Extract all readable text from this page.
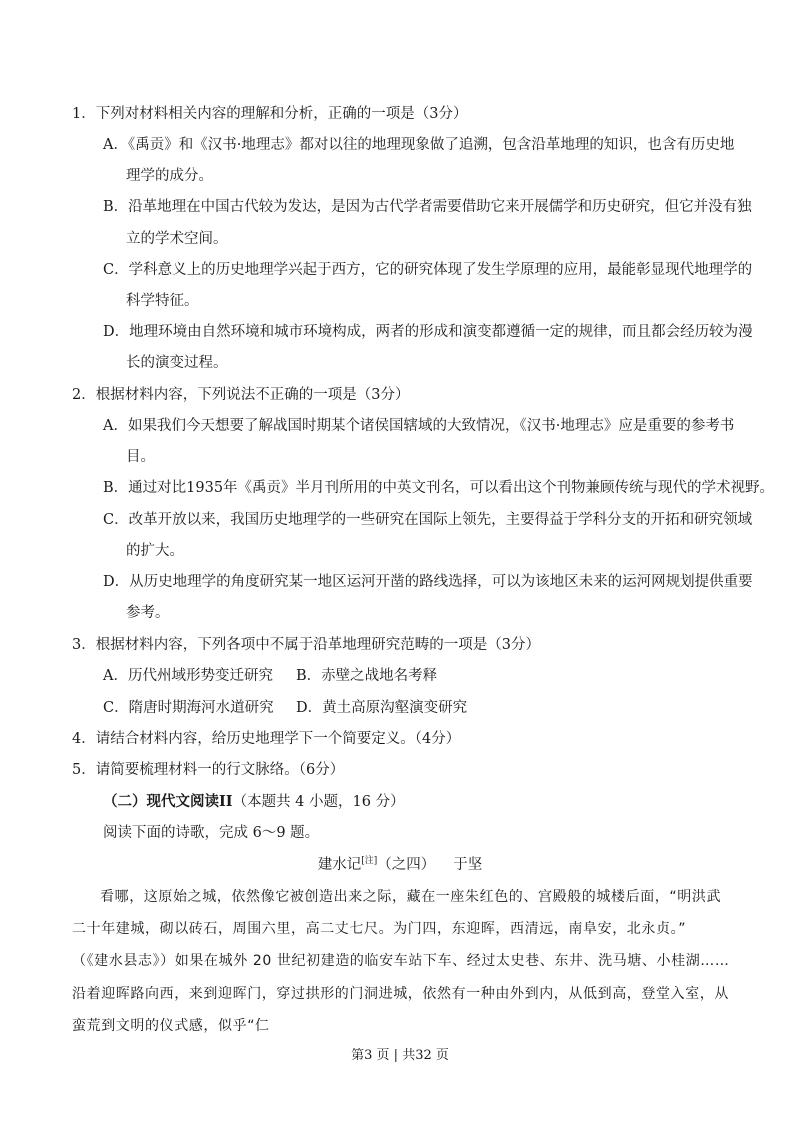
1．下列对材料相关内容的理解和分析，正确的一项是（3分）
A．《禹贡》和《汉书·地理志》都对以往的地理现象做了追溯，包含沿革地理的知识，也含有历史地
理学的成分。
B．沿革地理在中国古代较为发达，是因为古代学者需要借助它来开展儒学和历史研究，但它并没有独
立的学术空间。
C．学科意义上的历史地理学兴起于西方，它的研究体现了发生学原理的应用，最能彰显现代地理学的
科学特征。
D．地理环境由自然环境和城市环境构成，两者的形成和演变都遵循一定的规律，而且都会经历较为漫
长的演变过程。
2．根据材料内容，下列说法不正确的一项是（3分）
A．如果我们今天想要了解战国时期某个诸侯国辖域的大致情况，《汉书·地理志》应是重要的参考书
目。
B．通过对比1935年《禹贡》半月刊所用的中英文刊名，可以看出这个刊物兼顾传统与现代的学术视野。
C．改革开放以来，我国历史地理学的一些研究在国际上领先，主要得益于学科分支的开拓和研究领域
的扩大。
D．从历史地理学的角度研究某一地区运河开凿的路线选择，可以为该地区未来的运河网规划提供重要
参考。
3．根据材料内容，下列各项中不属于沿革地理研究范畴的一项是（3分）
A．历代州域形势变迁研究 B．赤壁之战地名考释
C．隋唐时期海河水道研究 D．黄土高原沟壑演变研究
4．请结合材料内容，给历史地理学下一个简要定义。（4分）
5．请简要梳理材料一的行文脉络。（6分）
（二）现代文阅读II（本题共 4 小题，16 分）
阅读下面的诗歌，完成 6～9 题。
建水记[注]（之四） 于坚
看哪，这原始之城，依然像它被创造出来之际，藏在一座朱红色的、宫殿般的城楼后面，“明洪武
二十年建城，砌以砖石，周围六里，高二丈七尺。为门四，东迎晖，西清远，南阜安，北永贞。”
（《建水县志》）如果在城外 20 世纪初建造的临安车站下车、经过太史巷、东井、洗马塘、小桂湖……
沿着迎晖路向西，来到迎晖门，穿过拱形的门洞进城，依然有一种由外到内，从低到高，登堂入室，从
蛮荒到文明的仪式感，似乎“仁
第3 页 | 共32 页
